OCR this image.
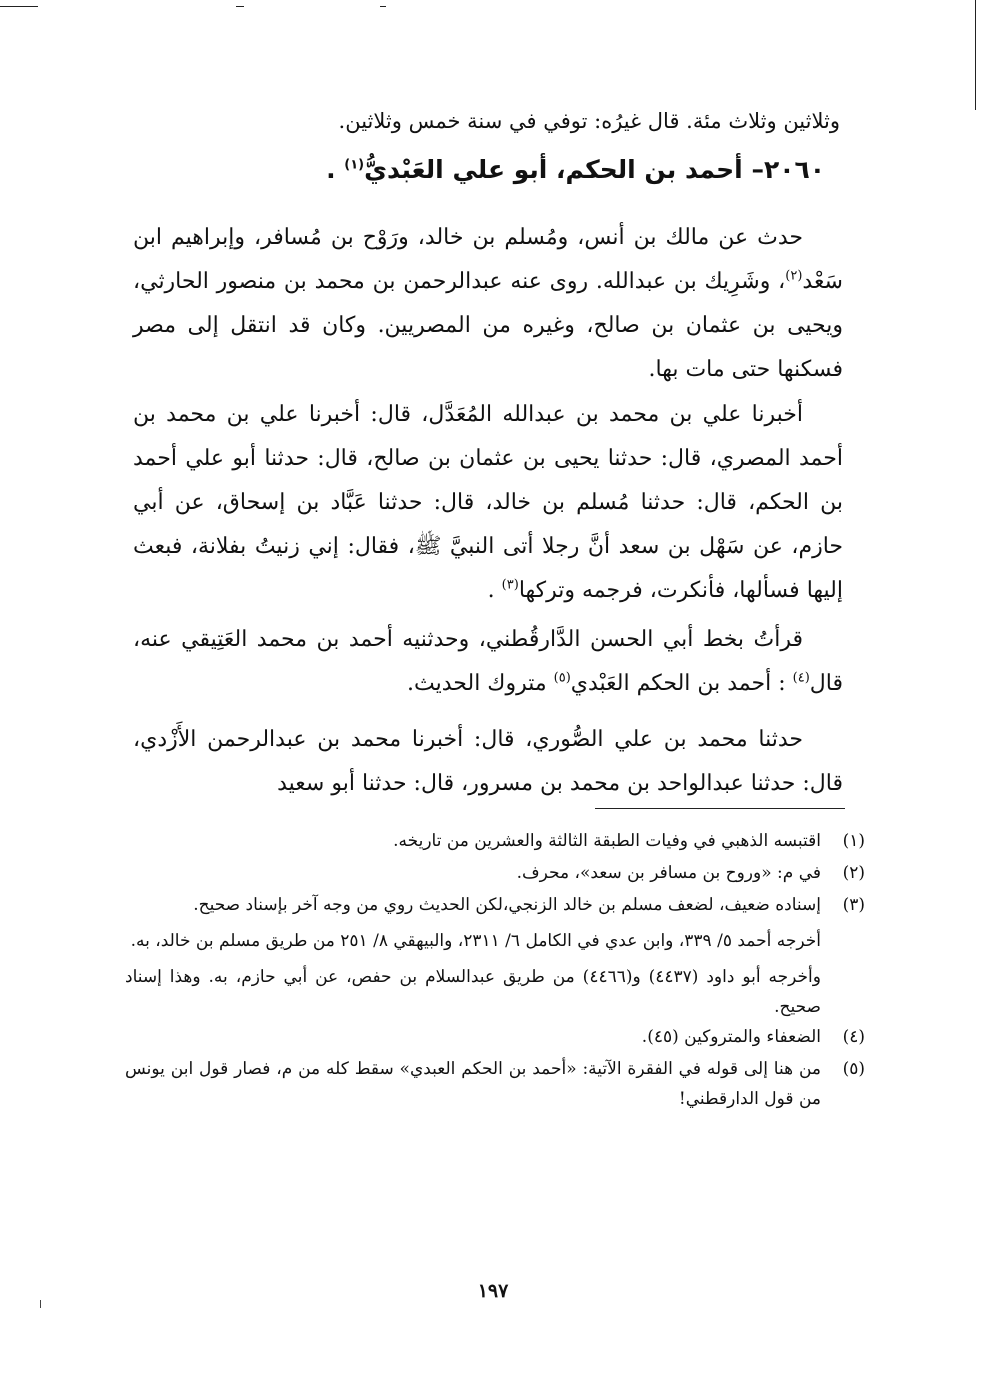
وثلاثين وثلاث مئة. قال غيرُه: توفي في سنة خمس وثلاثين.
٢٠٦٠– أحمد بن الحكم، أبو علي العَبْديُّ$^{(١)}$ .
حدث عن مالك بن أنس، ومُسلم بن خالد، ورَوْح بن مُسافر، وإبراهيم ابن سَعْد$^{(٢)}$، وشَرِيك بن عبدالله. روى عنه عبدالرحمن بن محمد بن منصور الحارثي، ويحيى بن عثمان بن صالح، وغيره من المصريين. وكان قد انتقل إلى مصر فسكنها حتى مات بها.
أخبرنا علي بن محمد بن عبدالله المُعَدَّل، قال: أخبرنا علي بن محمد بن أحمد المصري، قال: حدثنا يحيى بن عثمان بن صالح، قال: حدثنا أبو علي أحمد بن الحكم، قال: حدثنا مُسلم بن خالد، قال: حدثنا عَبَّاد بن إسحاق، عن أبي حازم، عن سَهْل بن سعد أنَّ رجلا أتى النبيَّ ﷺ، فقال: إني زنيتُ بفلانة، فبعث إليها فسألها، فأنكرت، فرجمه وتركها$^{(٣)}$ .
قرأتُ بخط أبي الحسن الدَّارقُطني، وحدثنيه أحمد بن محمد العَتِيقي عنه، قال$^{(٤)}$ : أحمد بن الحكم العَبْدي$^{(٥)}$ متروك الحديث.
حدثنا محمد بن علي الصُّوري، قال: أخبرنا محمد بن عبدالرحمن الأَزْدي، قال: حدثنا عبدالواحد بن محمد بن مسرور، قال: حدثنا أبو سعيد
(١)
اقتبسه الذهبي في وفيات الطبقة الثالثة والعشرين من تاريخه.
(٢)
في م: «وروح بن مسافر بن سعد»، محرف.
(٣)
إسناده ضعيف، لضعف مسلم بن خالد الزنجي،لكن الحديث روي من وجه آخر بإسناد صحيح.
أخرجه أحمد ٥/ ٣٣٩، وابن عدي في الكامل ٦/ ٢٣١١، والبيهقي ٨/ ٢٥١ من طريق مسلم بن خالد، به.
وأخرجه أبو داود (٤٤٣٧) و(٤٤٦٦) من طريق عبدالسلام بن حفص، عن أبي حازم، به. وهذا إسناد صحيح.
(٤)
الضعفاء والمتروكين (٤٥).
(٥)
من هنا إلى قوله في الفقرة الآتية: «أحمد بن الحكم العبدي» سقط كله من م، فصار قول ابن يونس من قول الدارقطني!
١٩٧
